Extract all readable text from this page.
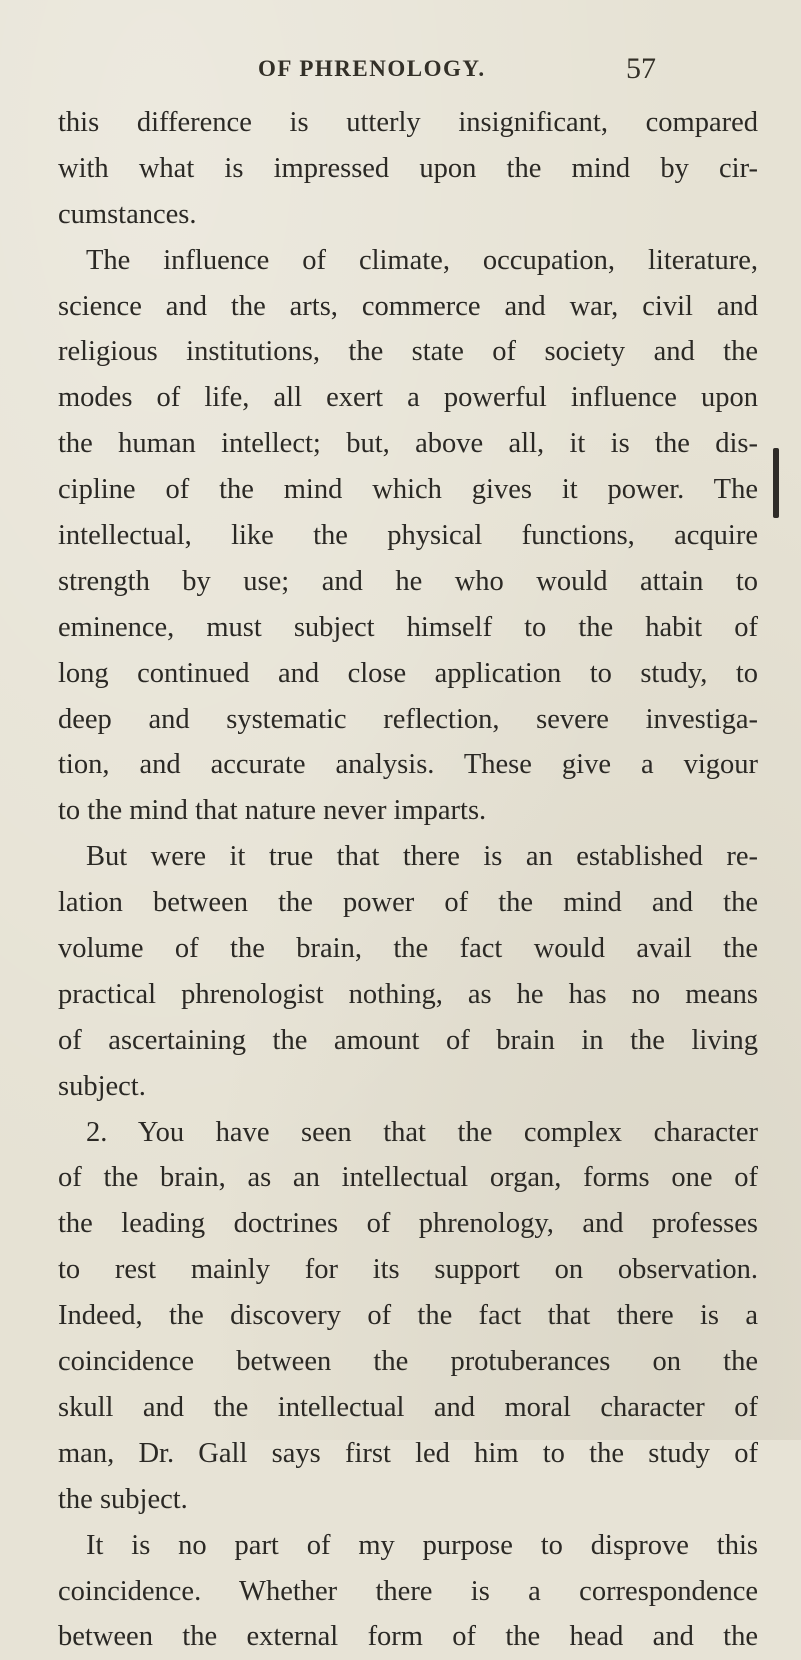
OF PHRENOLOGY.	57
this difference is utterly insignificant, compared
with what is impressed upon the mind by cir-
cumstances.
The influence of climate, occupation, literature,
science and the arts, commerce and war, civil and
religious institutions, the state of society and the
modes of life, all exert a powerful influence upon
the human intellect; but, above all, it is the dis-
cipline of the mind which gives it power. The
intellectual, like the physical functions, acquire
strength by use; and he who would attain to
eminence, must subject himself to the habit of
long continued and close application to study, to
deep and systematic reflection, severe investiga-
tion, and accurate analysis. These give a vigour
to the mind that nature never imparts.
But were it true that there is an established re-
lation between the power of the mind and the
volume of the brain, the fact would avail the
practical phrenologist nothing, as he has no means
of ascertaining the amount of brain in the living
subject.
2. You have seen that the complex character
of the brain, as an intellectual organ, forms one of
the leading doctrines of phrenology, and professes
to rest mainly for its support on observation.
Indeed, the discovery of the fact that there is a
coincidence between the protuberances on the
skull and the intellectual and moral character of
man, Dr. Gall says first led him to the study of
the subject.
It is no part of my purpose to disprove this
coincidence. Whether there is a correspondence
between the external form of the head and the
